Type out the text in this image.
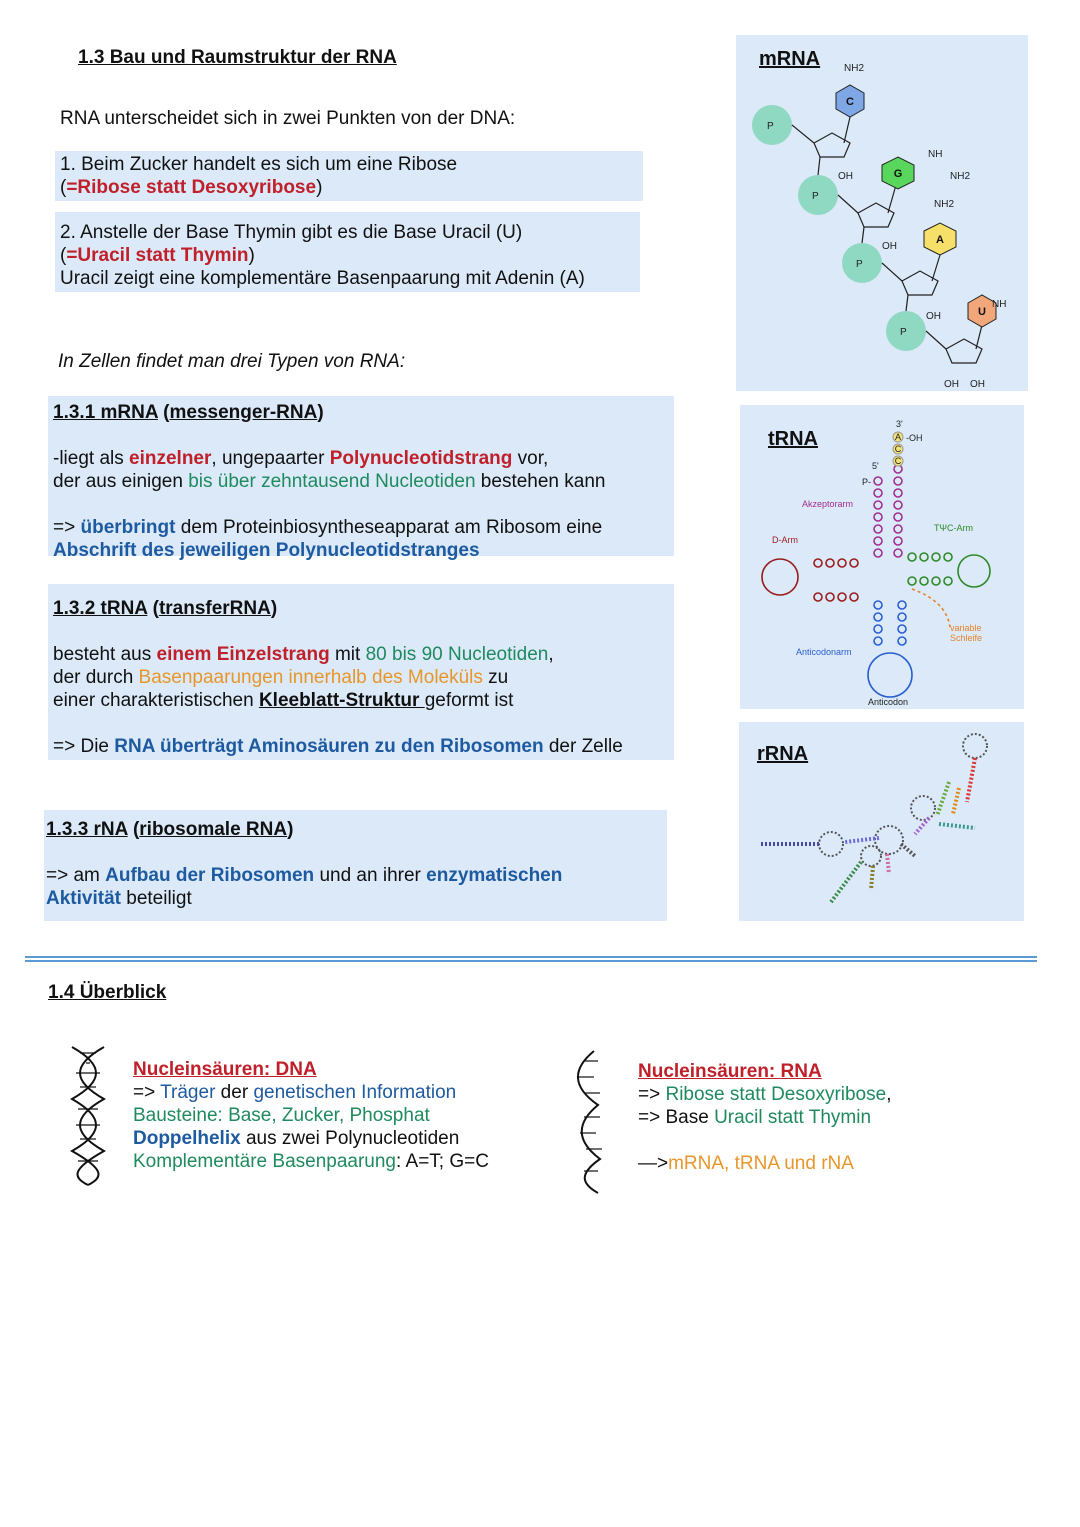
1.3 Bau und Raumstruktur der RNA
RNA unterscheidet sich in zwei Punkten von der DNA:
1. Beim Zucker handelt es sich um eine Ribose
(=Ribose statt Desoxyribose)
2. Anstelle der Base Thymin gibt es die Base Uracil (U)
(=Uracil statt Thymin)
Uracil zeigt eine komplementäre Basenpaarung mit Adenin (A)
In Zellen findet man drei Typen von RNA:
1.3.1 mRNA (messenger-RNA)
-liegt als einzelner, ungepaarter Polynucleotidstrang vor,
der aus einigen bis über zehntausend Nucleotiden bestehen kann
=> überbringt dem Proteinbiosyntheseapparat am Ribosom eine
Abschrift des jeweiligen Polynucleotidstranges
1.3.2 tRNA (transferRNA)
besteht aus einem Einzelstrang mit 80 bis 90 Nucleotiden,
der durch Basenpaarungen innerhalb des Moleküls zu
einer charakteristischen Kleeblatt-Struktur geformt ist
=> Die RNA überträgt Aminosäuren zu den Ribosomen der Zelle
1.3.3 rNA (ribosomale RNA)
=> am Aufbau der Ribosomen und an ihrer enzymatischen
Aktivität beteiligt
mRNA
C
G
A
U
NH2
P
P
P
P
OH
OH
OH
OH OH
NH
NH2
NH2
NH
tRNA
3'
5'
-OH
P-
Akzeptorarm
D-Arm
TΨC-Arm
Anticodonarm
variable
Schleife
Anticodon
A
C
C
rRNA
1.4 Überblick
Nucleinsäuren: DNA
=> Träger der genetischen Information
Bausteine: Base, Zucker, Phosphat
Doppelhelix aus zwei Polynucleotiden
Komplementäre Basenpaarung: A=T; G=C
Nucleinsäuren: RNA
=> Ribose statt Desoxyribose,
=> Base Uracil statt Thymin
—>mRNA, tRNA und rNA
